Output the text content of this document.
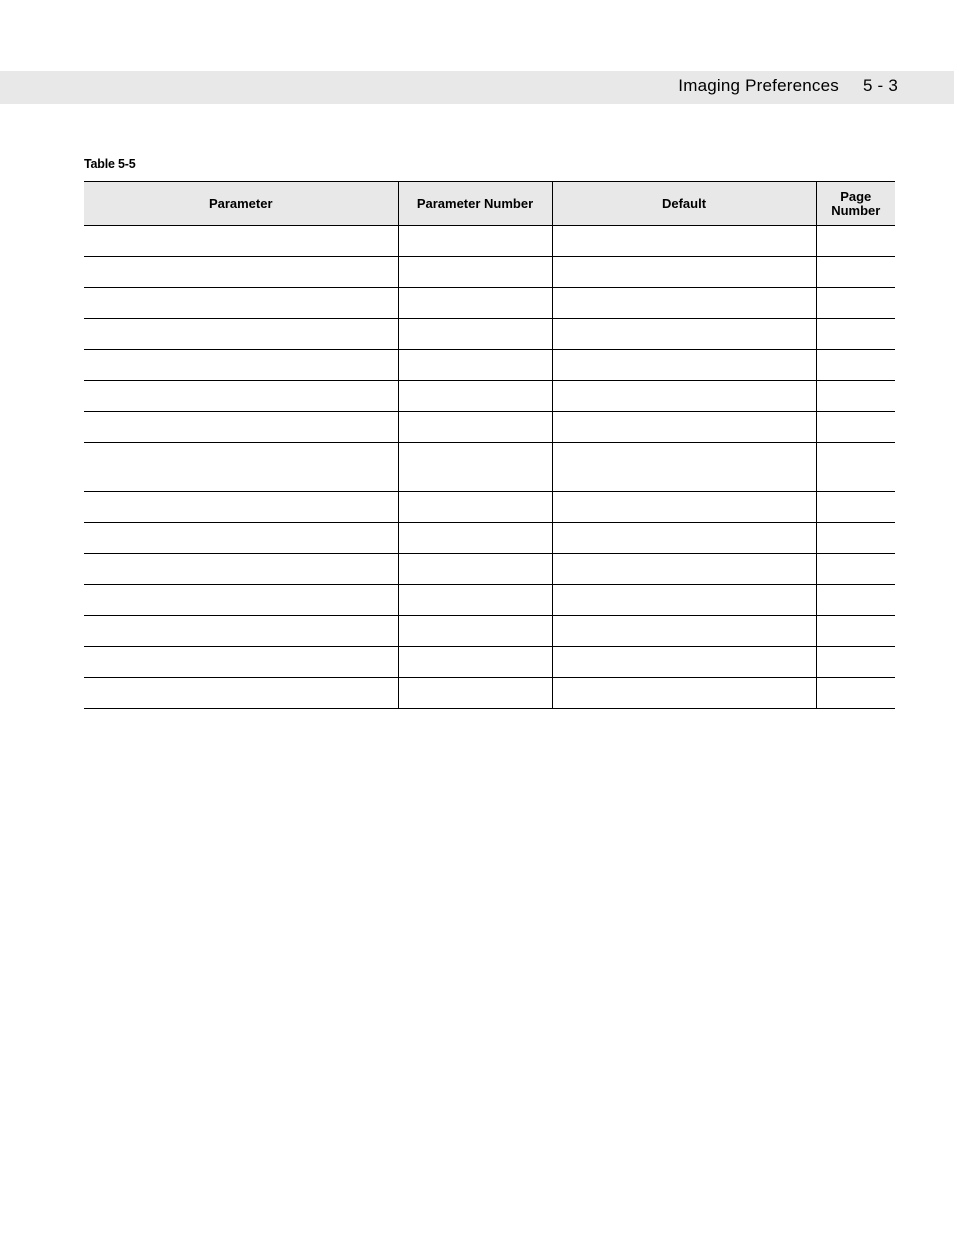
Imaging Preferences 5 - 3
Table 5-5
Parameter	Parameter Number	Default	Page Number
